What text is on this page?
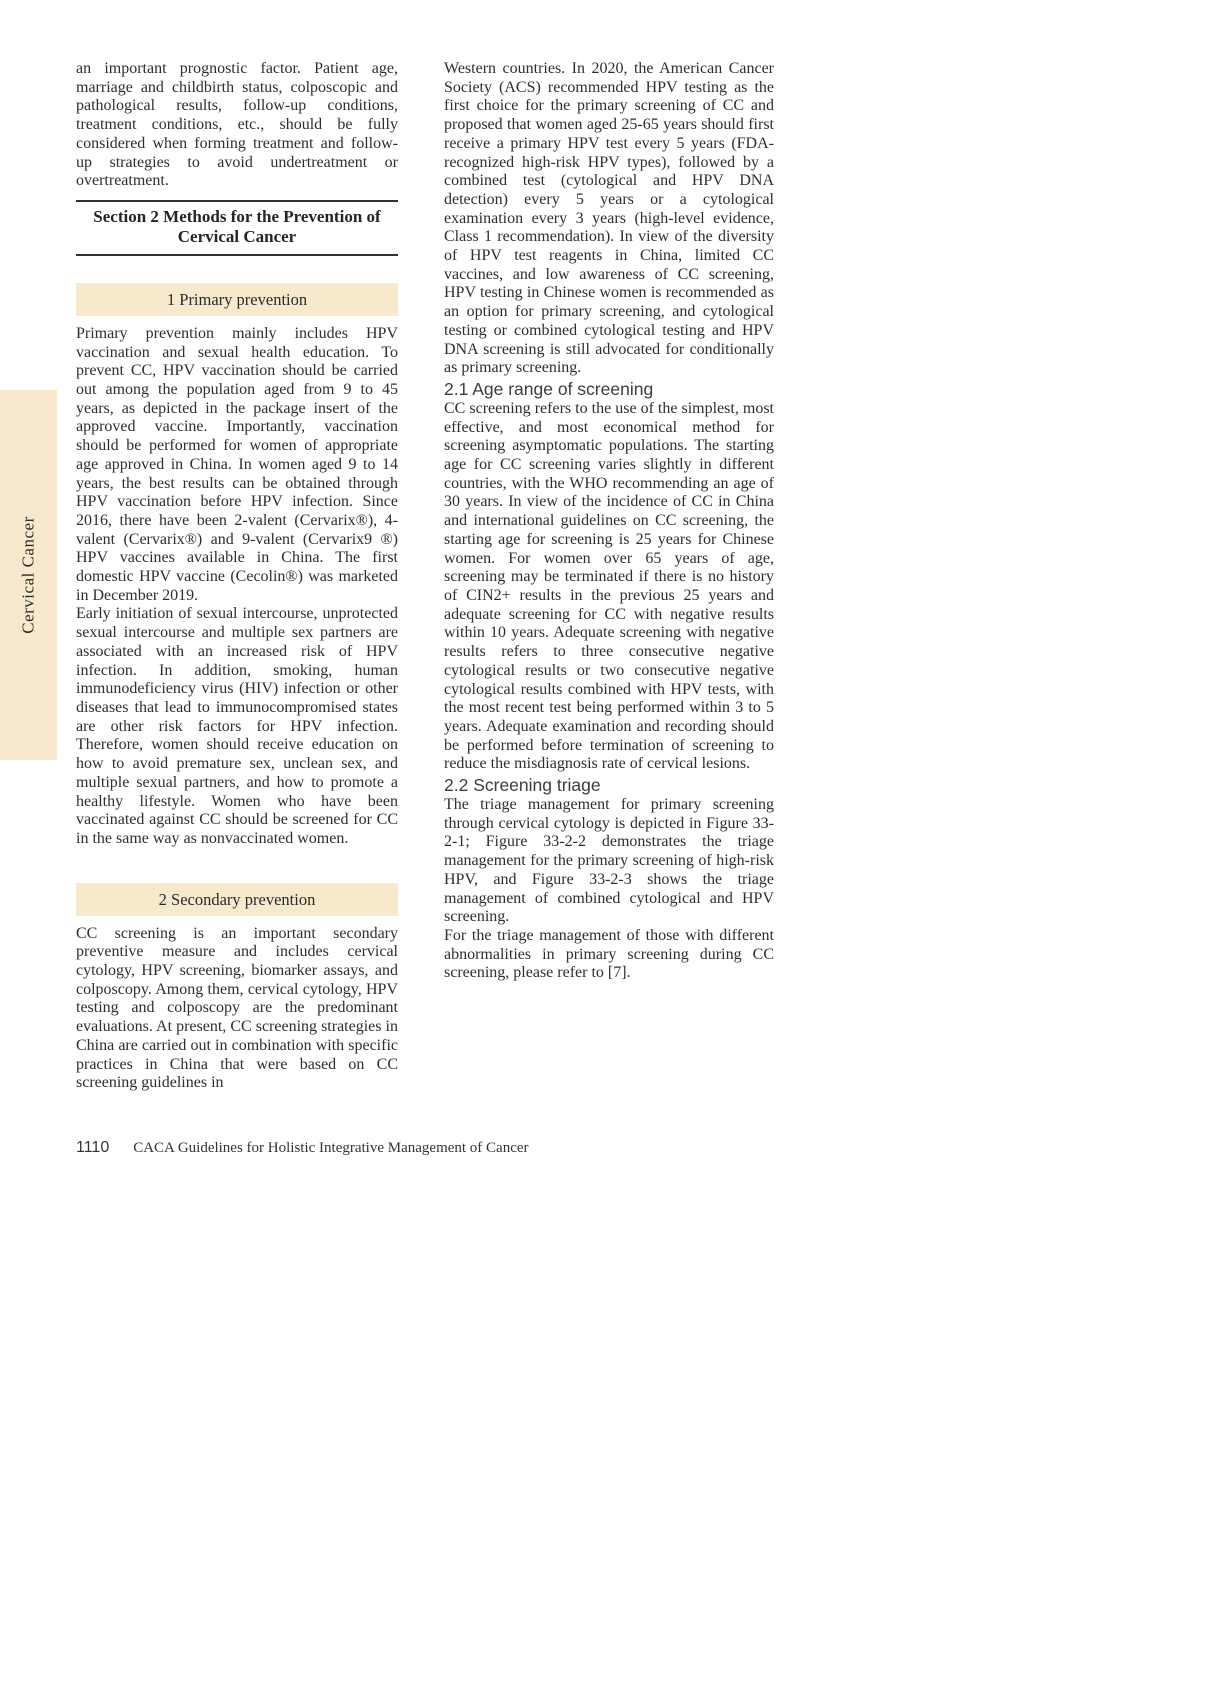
Cervical Cancer

an important prognostic factor. Patient age, marriage and childbirth status, colposcopic and pathological results, follow-up conditions, treatment conditions, etc., should be fully considered when forming treatment and follow-up strategies to avoid undertreatment or overtreatment.

Section 2 Methods for the Prevention of Cervical Cancer
1 Primary prevention

Primary prevention mainly includes HPV vaccination and sexual health education. To prevent CC, HPV vaccination should be carried out among the population aged from 9 to 45 years, as depicted in the package insert of the approved vaccine. Importantly, vaccination should be performed for women of appropriate age approved in China. In women aged 9 to 14 years, the best results can be obtained through HPV vaccination before HPV infection. Since 2016, there have been 2-valent (Cervarix®), 4-valent (Cervarix®) and 9-valent (Cervarix9 ®) HPV vaccines available in China. The first domestic HPV vaccine (Cecolin®) was marketed in December 2019.

Early initiation of sexual intercourse, unprotected sexual intercourse and multiple sex partners are associated with an increased risk of HPV infection. In addition, smoking, human immunodeficiency virus (HIV) infection or other diseases that lead to immunocompromised states are other risk factors for HPV infection. Therefore, women should receive education on how to avoid premature sex, unclean sex, and multiple sexual partners, and how to promote a healthy lifestyle. Women who have been vaccinated against CC should be screened for CC in the same way as nonvaccinated women.

2 Secondary prevention

CC screening is an important secondary preventive measure and includes cervical cytology, HPV screening, biomarker assays, and colposcopy. Among them, cervical cytology, HPV testing and colposcopy are the predominant evaluations. At present, CC screening strategies in China are carried out in combination with specific practices in China that were based on CC screening guidelines in

Western countries. In 2020, the American Cancer Society (ACS) recommended HPV testing as the first choice for the primary screening of CC and proposed that women aged 25-65 years should first receive a primary HPV test every 5 years (FDA-recognized high-risk HPV types), followed by a combined test (cytological and HPV DNA detection) every 5 years or a cytological examination every 3 years (high-level evidence, Class 1 recommendation). In view of the diversity of HPV test reagents in China, limited CC vaccines, and low awareness of CC screening, HPV testing in Chinese women is recommended as an option for primary screening, and cytological testing or combined cytological testing and HPV DNA screening is still advocated for conditionally as primary screening.

2.1 Age range of screening

CC screening refers to the use of the simplest, most effective, and most economical method for screening asymptomatic populations. The starting age for CC screening varies slightly in different countries, with the WHO recommending an age of 30 years. In view of the incidence of CC in China and international guidelines on CC screening, the starting age for screening is 25 years for Chinese women. For women over 65 years of age, screening may be terminated if there is no history of CIN2+ results in the previous 25 years and adequate screening for CC with negative results within 10 years. Adequate screening with negative results refers to three consecutive negative cytological results or two consecutive negative cytological results combined with HPV tests, with the most recent test being performed within 3 to 5 years. Adequate examination and recording should be performed before termination of screening to reduce the misdiagnosis rate of cervical lesions.

2.2 Screening triage

The triage management for primary screening through cervical cytology is depicted in Figure 33-2-1; Figure 33-2-2 demonstrates the triage management for the primary screening of high-risk HPV, and Figure 33-2-3 shows the triage management of combined cytological and HPV screening.

For the triage management of those with different abnormalities in primary screening during CC screening, please refer to [7].

1110 CACA Guidelines for Holistic Integrative Management of Cancer
